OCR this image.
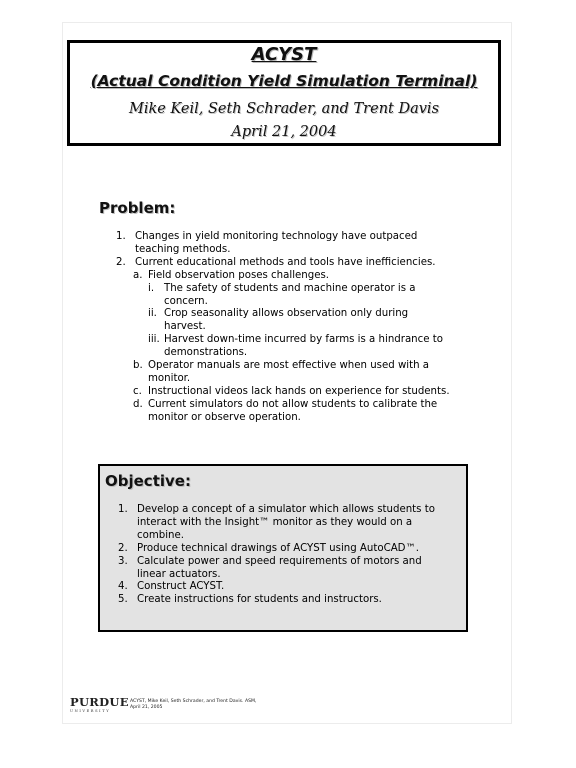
ACYST
(Actual Condition Yield Simulation Terminal)
Mike Keil, Seth Schrader, and Trent Davis
April 21, 2004
Problem:
1. Changes in yield monitoring technology have outpaced teaching methods.
2. Current educational methods and tools have inefficiencies.
a. Field observation poses challenges.
i. The safety of students and machine operator is a concern.
ii. Crop seasonality allows observation only during harvest.
iii. Harvest down-time incurred by farms is a hindrance to demonstrations.
b. Operator manuals are most effective when used with a monitor.
c. Instructional videos lack hands on experience for students.
d. Current simulators do not allow students to calibrate the monitor or observe operation.
Objective:
1. Develop a concept of a simulator which allows students to interact with the Insight™ monitor as they would on a combine.
2. Produce technical drawings of ACYST using AutoCAD™.
3. Calculate power and speed requirements of motors and linear actuators.
4. Construct ACYST.
5. Create instructions for students and instructors.
PURDUE
UNIVERSITY
ACYST, Mike Keil, Seth Schrader, and Trent Davis. ASM,
April 21, 2005
